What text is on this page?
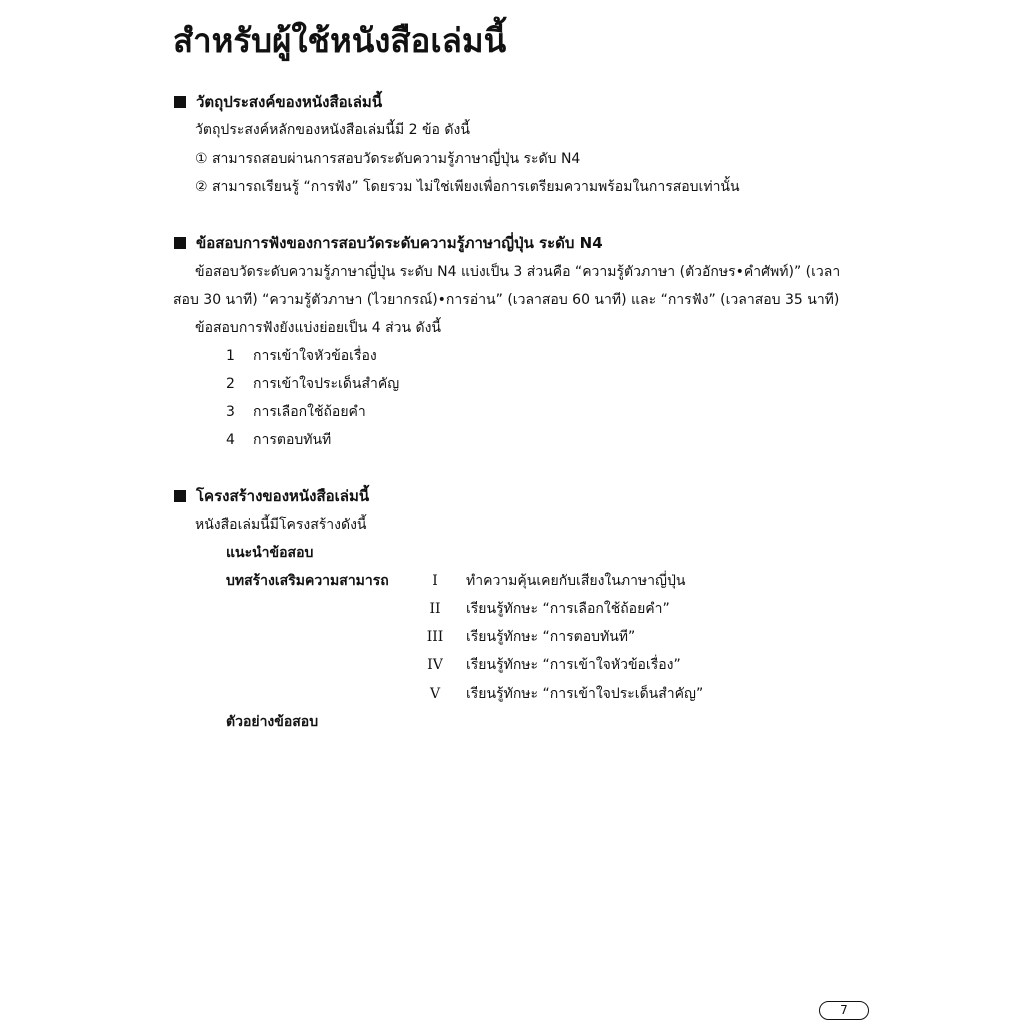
สำหรับผู้ใช้หนังสือเล่มนี้
วัตถุประสงค์ของหนังสือเล่มนี้
วัตถุประสงค์หลักของหนังสือเล่มนี้มี 2 ข้อ ดังนี้
① สามารถสอบผ่านการสอบวัดระดับความรู้ภาษาญี่ปุ่น ระดับ N4
② สามารถเรียนรู้ “การฟัง” โดยรวม ไม่ใช่เพียงเพื่อการเตรียมความพร้อมในการสอบเท่านั้น
ข้อสอบการฟังของการสอบวัดระดับความรู้ภาษาญี่ปุ่น ระดับ N4
ข้อสอบวัดระดับความรู้ภาษาญี่ปุ่น ระดับ N4 แบ่งเป็น 3 ส่วนคือ “ความรู้ตัวภาษา (ตัวอักษร•คำศัพท์)” (เวลา
สอบ 30 นาที) “ความรู้ตัวภาษา (ไวยากรณ์)•การอ่าน” (เวลาสอบ 60 นาที) และ “การฟัง” (เวลาสอบ 35 นาที)
ข้อสอบการฟังยังแบ่งย่อยเป็น 4 ส่วน ดังนี้
1 การเข้าใจหัวข้อเรื่อง
2 การเข้าใจประเด็นสำคัญ
3 การเลือกใช้ถ้อยคำ
4 การตอบทันที
โครงสร้างของหนังสือเล่มนี้
หนังสือเล่มนี้มีโครงสร้างดังนี้
แนะนำข้อสอบ
บทสร้างเสริมความสามารถ	I	ทำความคุ้นเคยกับเสียงในภาษาญี่ปุ่น
II	เรียนรู้ทักษะ “การเลือกใช้ถ้อยคำ”
III	เรียนรู้ทักษะ “การตอบทันที”
IV	เรียนรู้ทักษะ “การเข้าใจหัวข้อเรื่อง”
V	เรียนรู้ทักษะ “การเข้าใจประเด็นสำคัญ”
ตัวอย่างข้อสอบ
7
